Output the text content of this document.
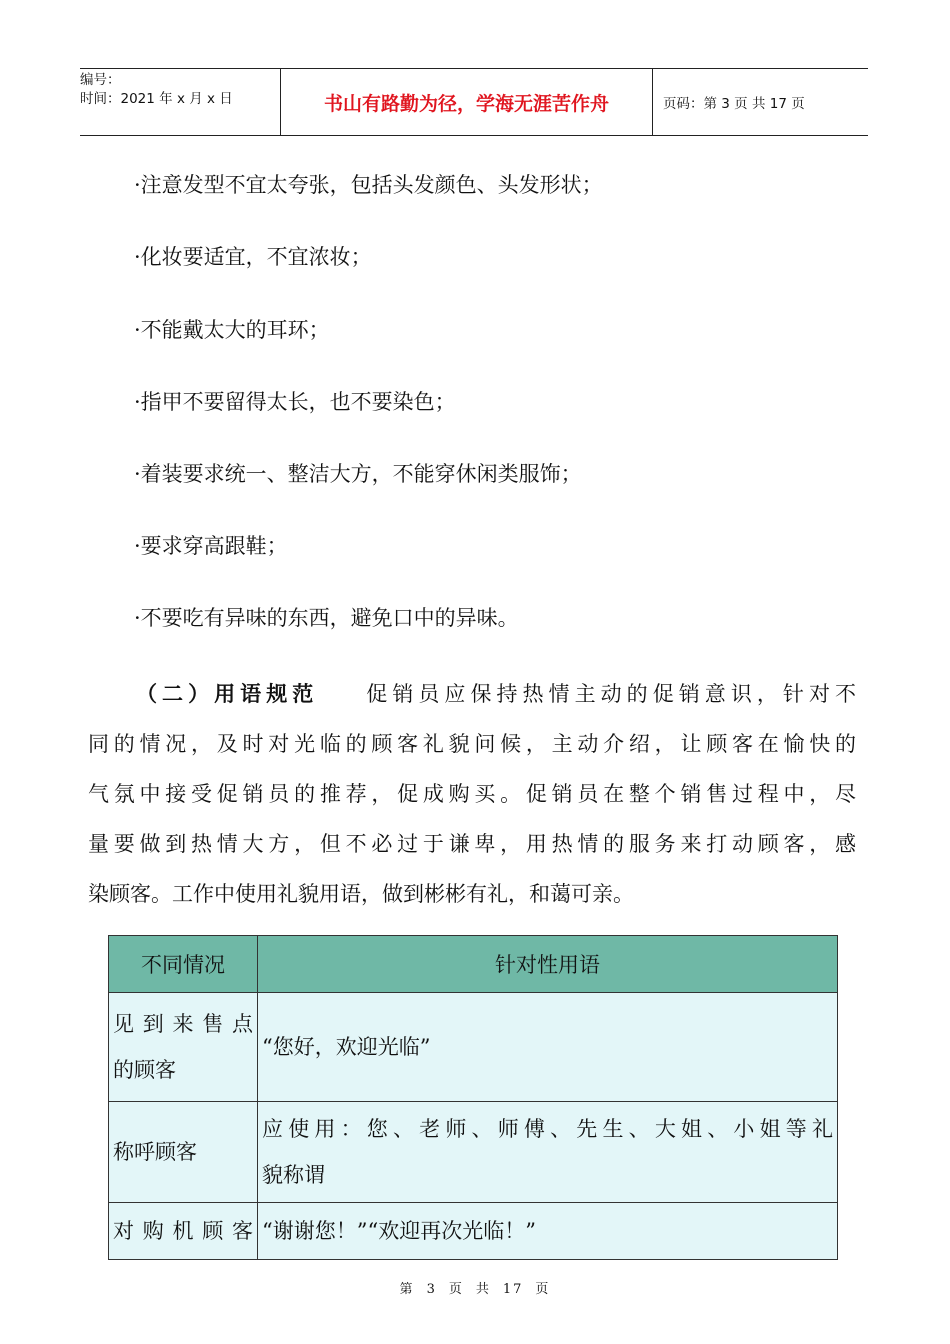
编号：
时间：2021 年 x 月 x 日	书山有路勤为径，学海无涯苦作舟	页码：第 3 页 共 17 页
·注意发型不宜太夸张，包括头发颜色、头发形状；
·化妆要适宜，不宜浓妆；
·不能戴太大的耳环；
·指甲不要留得太长，也不要染色；
·着装要求统一、整洁大方，不能穿休闲类服饰；
·要求穿高跟鞋；
·不要吃有异味的东西，避免口中的异味。
（二）用语规范 促销员应保持热情主动的促销意识，针对不
同的情况，及时对光临的顾客礼貌问候，主动介绍，让顾客在愉快的
气氛中接受促销员的推荐，促成购买。促销员在整个销售过程中，尽
量要做到热情大方，但不必过于谦卑，用热情的服务来打动顾客，感
染顾客。工作中使用礼貌用语，做到彬彬有礼，和蔼可亲。
不同情况	针对性用语

见到来售点
的顾客	“您好，欢迎光临”

称呼顾客	应使用：您、老师、师傅、先生、大姐、小姐等礼
貌称谓

对购机顾客	“谢谢您！”“欢迎再次光临！”
第 3 页 共 17 页
